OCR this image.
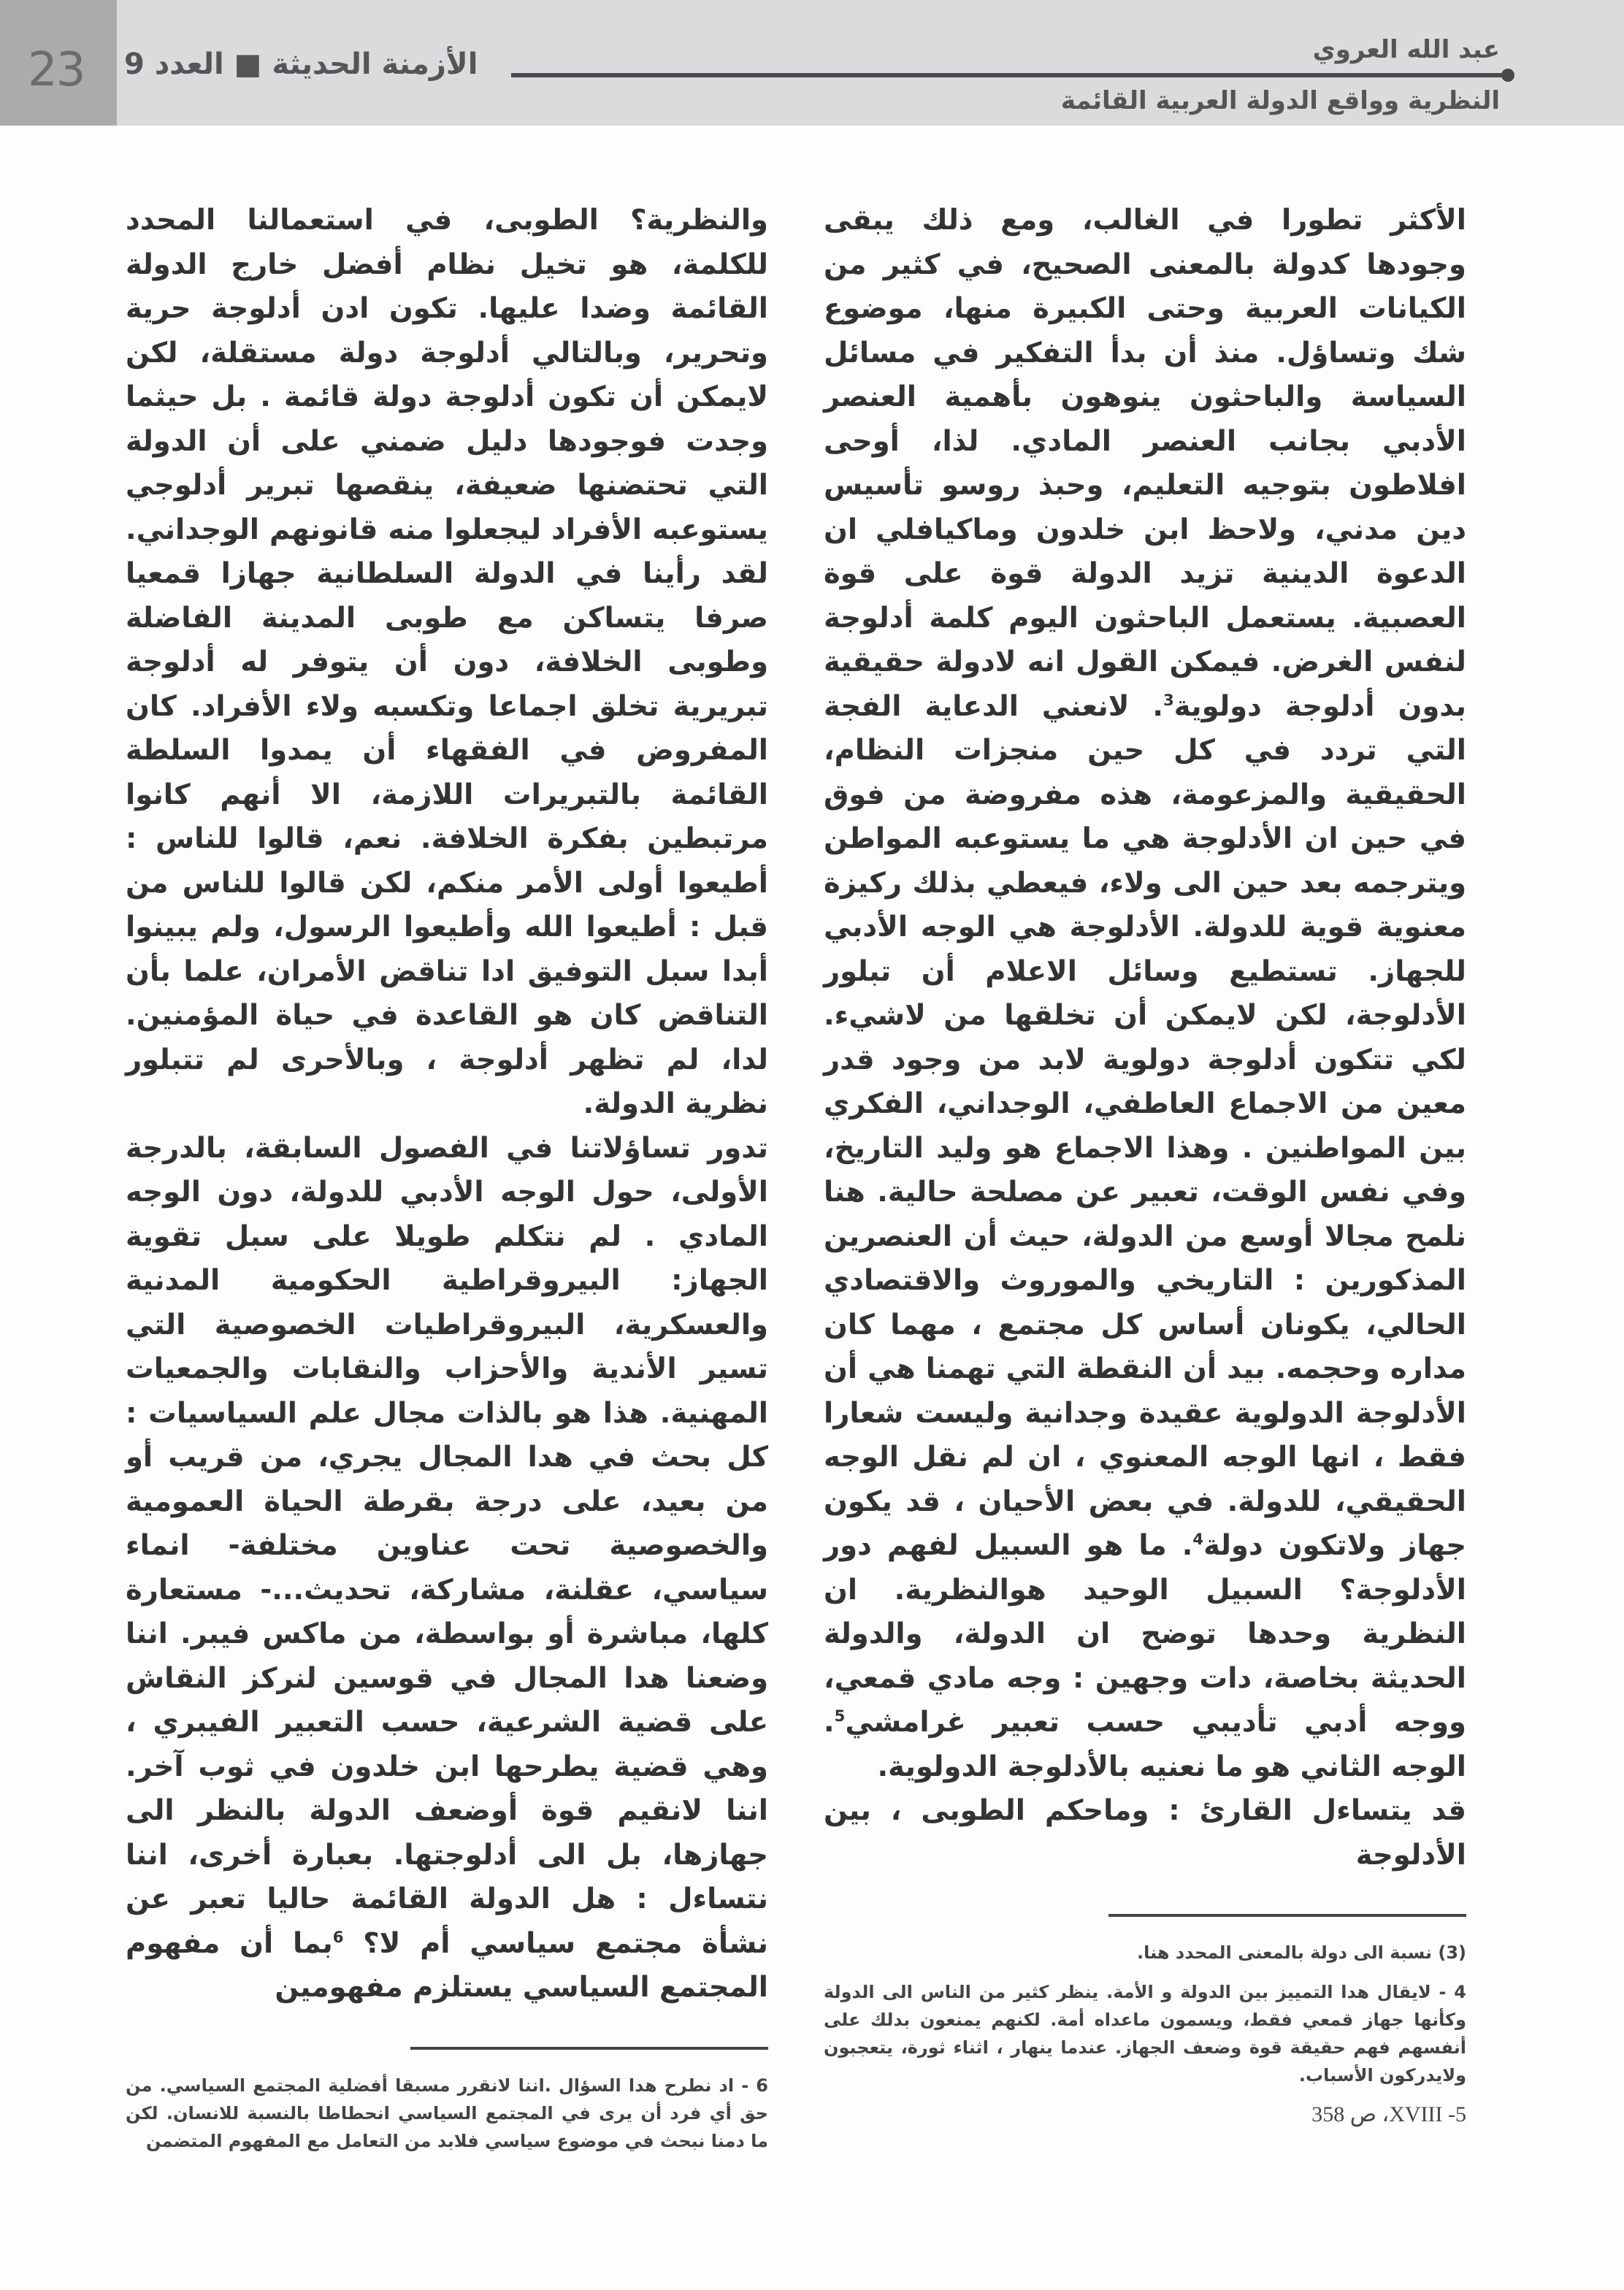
23 الأزمنة الحديثة ■ العدد 9	عبد الله العروي
النظرية وواقع الدولة العربية القائمة

الأكثر تطورا في الغالب، ومع ذلك يبقى وجودها كدولة بالمعنى الصحيح، في كثير من الكيانات العربية وحتى الكبيرة منها، موضوع شك وتساؤل. منذ أن بدأ التفكير في مسائل السياسة والباحثون ينوهون بأهمية العنصر الأدبي بجانب العنصر المادي. لذا، أوحى افلاطون بتوجيه التعليم، وحبذ روسو تأسيس دين مدني، ولاحظ ابن خلدون وماكيافلي ان الدعوة الدينية تزيد الدولة قوة على قوة العصبية. يستعمل الباحثون اليوم كلمة أدلوجة لنفس الغرض. فيمكن القول انه لادولة حقيقية بدون أدلوجة دولوية$^3$. لانعني الدعاية الفجة التي تردد في كل حين منجزات النظام، الحقيقية والمزعومة، هذه مفروضة من فوق في حين ان الأدلوجة هي ما يستوعبه المواطن ويترجمه بعد حين الى ولاء، فيعطي بذلك ركيزة معنوية قوية للدولة. الأدلوجة هي الوجه الأدبي للجهاز. تستطيع وسائل الاعلام أن تبلور الأدلوجة، لكن لايمكن أن تخلقها من لاشيء. لكي تتكون أدلوجة دولوية لابد من وجود قدر معين من الاجماع العاطفي، الوجداني، الفكري بين المواطنين . وهذا الاجماع هو وليد التاريخ، وفي نفس الوقت، تعبير عن مصلحة حالية. هنا نلمح مجالا أوسع من الدولة، حيث أن العنصرين المذكورين : التاريخي والموروث والاقتصادي الحالي، يكونان أساس كل مجتمع ، مهما كان مداره وحجمه. بيد أن النقطة التي تهمنا هي أن الأدلوجة الدولوية عقيدة وجدانية وليست شعارا فقط ، انها الوجه المعنوي ، ان لم نقل الوجه الحقيقي، للدولة. في بعض الأحيان ، قد يكون جهاز ولاتكون دولة$^4$. ما هو السبيل لفهم دور الأدلوجة؟ السبيل الوحيد هوالنظرية. ان النظرية وحدها توضح ان الدولة، والدولة الحديثة بخاصة، دات وجهين : وجه مادي قمعي، ووجه أدبي تأديبي حسب تعبير غرامشي$^5$. الوجه الثاني هو ما نعنيه بالأدلوجة الدولوية.

قد يتساءل القارئ : وماحكم الطوبى ، بين الأدلوجة

(3) نسبة الى دولة بالمعنى المحدد هنا.

4 - لايقال هدا التمييز بين الدولة و الأمة. ينظر كثير من الناس الى الدولة وكأنها جهاز قمعي فقط، ويسمون ماعداه أمة. لكنهم يمنعون بدلك على أنفسهم فهم حقيقة قوة وضعف الجهاز. عندما ينهار ، اثناء ثورة، يتعجبون ولايدركون الأسباب.

5- XVIII، ص 358

والنظرية؟ الطوبى، في استعمالنا المحدد للكلمة، هو تخيل نظام أفضل خارج الدولة القائمة وضدا عليها. تكون ادن أدلوجة حرية وتحرير، وبالتالي أدلوجة دولة مستقلة، لكن لايمكن أن تكون أدلوجة دولة قائمة . بل حيثما وجدت فوجودها دليل ضمني على أن الدولة التي تحتضنها ضعيفة، ينقصها تبرير أدلوجي يستوعبه الأفراد ليجعلوا منه قانونهم الوجداني. لقد رأينا في الدولة السلطانية جهازا قمعيا صرفا يتساكن مع طوبى المدينة الفاضلة وطوبى الخلافة، دون أن يتوفر له أدلوجة تبريرية تخلق اجماعا وتكسبه ولاء الأفراد. كان المفروض في الفقهاء أن يمدوا السلطة القائمة بالتبريرات اللازمة، الا أنهم كانوا مرتبطين بفكرة الخلافة. نعم، قالوا للناس : أطيعوا أولى الأمر منكم، لكن قالوا للناس من قبل : أطيعوا الله وأطيعوا الرسول، ولم يبينوا أبدا سبل التوفيق ادا تناقض الأمران، علما بأن التناقض كان هو القاعدة في حياة المؤمنين. لدا، لم تظهر أدلوجة ، وبالأحرى لم تتبلور نظرية الدولة.

تدور تساؤلاتنا في الفصول السابقة، بالدرجة الأولى، حول الوجه الأدبي للدولة، دون الوجه المادي . لم نتكلم طويلا على سبل تقوية الجهاز: البيروقراطية الحكومية المدنية والعسكرية، البيروقراطيات الخصوصية التي تسير الأندية والأحزاب والنقابات والجمعيات المهنية. هذا هو بالذات مجال علم السياسيات : كل بحث في هدا المجال يجري، من قريب أو من بعيد، على درجة بقرطة الحياة العمومية والخصوصية تحت عناوين مختلفة- انماء سياسي، عقلنة، مشاركة، تحديث...- مستعارة كلها، مباشرة أو بواسطة، من ماكس فيبر. اننا وضعنا هدا المجال في قوسين لنركز النقاش على قضية الشرعية، حسب التعبير الفيبري ، وهي قضية يطرحها ابن خلدون في ثوب آخر. اننا لانقيم قوة أوضعف الدولة بالنظر الى جهازها، بل الى أدلوجتها. بعبارة أخرى، اننا نتساءل : هل الدولة القائمة حاليا تعبر عن نشأة مجتمع سياسي أم لا؟ $^6$بما أن مفهوم المجتمع السياسي يستلزم مفهومين

6 - اد نطرح هدا السؤال .اننا لانقرر مسبقا أفضلية المجتمع السياسي. من حق أي فرد أن يرى في المجتمع السياسي انحطاطا بالنسبة للانسان. لكن ما دمنا نبحث في موضوع سياسي فلابد من التعامل مع المفهوم المتضمن
